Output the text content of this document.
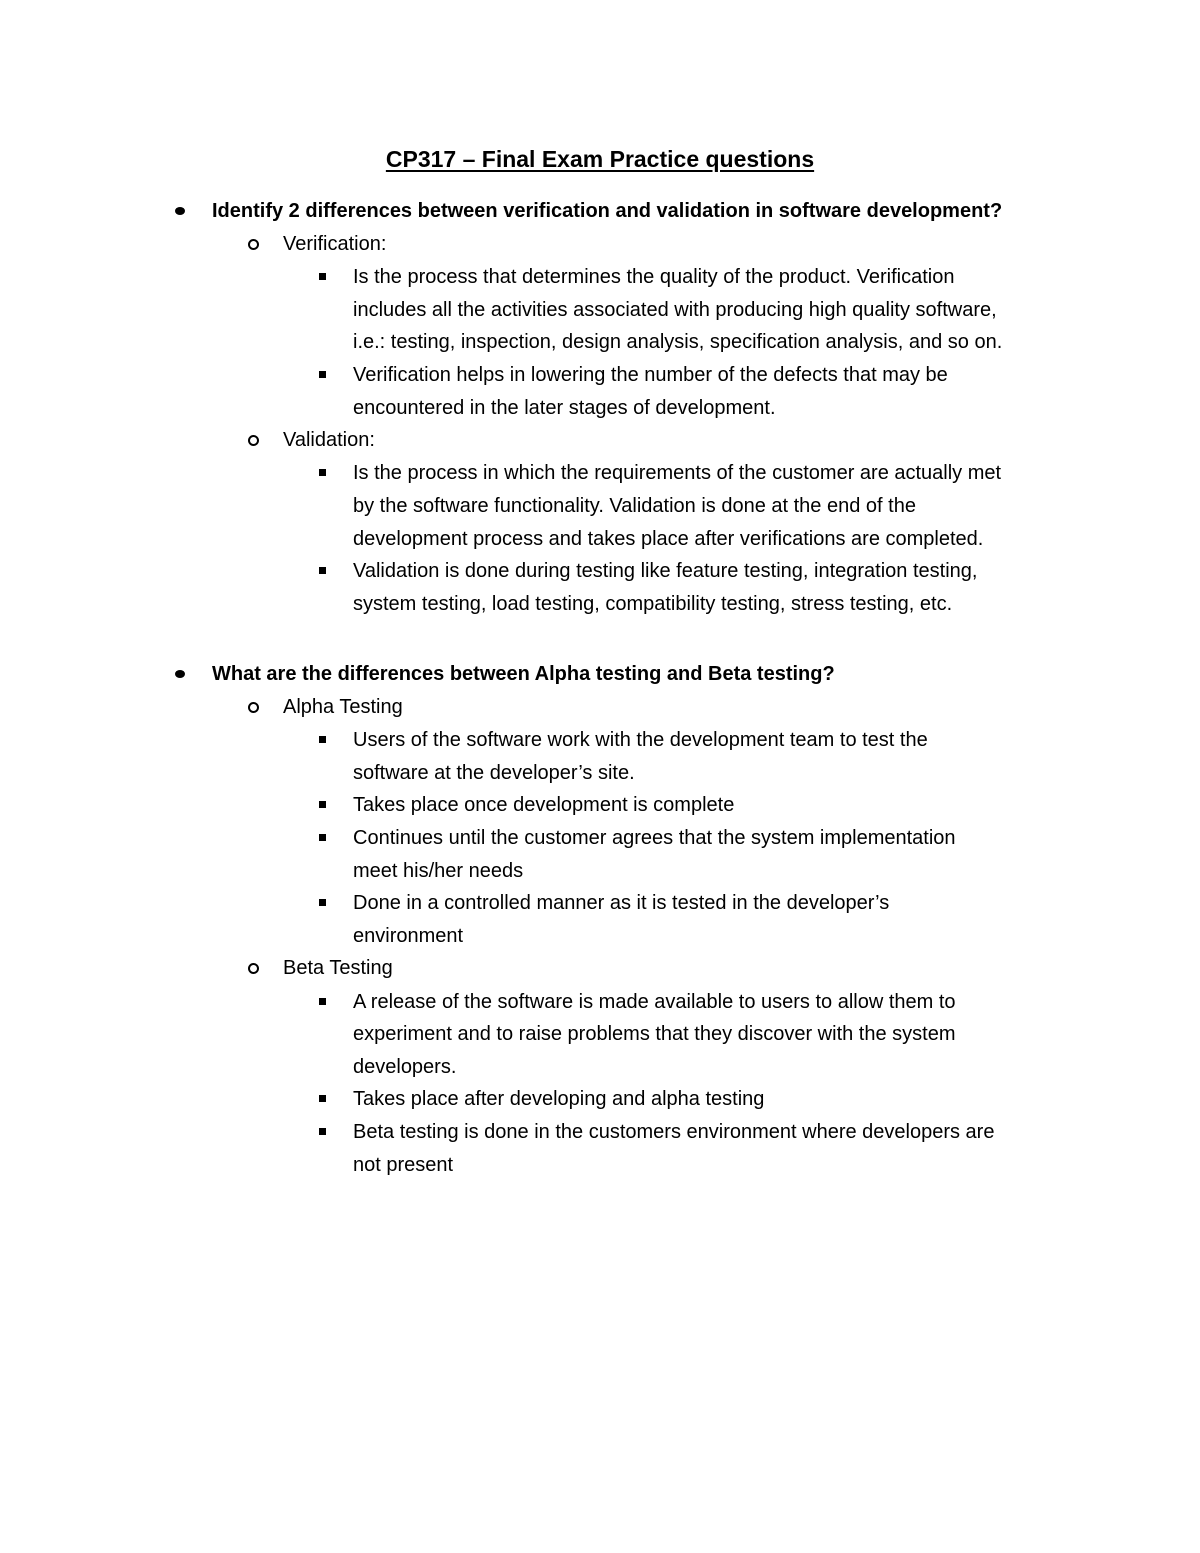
CP317 – Final Exam Practice questions
Identify 2 differences between verification and validation in software development?
Verification:
Is the process that determines the quality of the product. Verification
includes all the activities associated with producing high quality software,
i.e.: testing, inspection, design analysis, specification analysis, and so on.
Verification helps in lowering the number of the defects that may be
encountered in the later stages of development.
Validation:
Is the process in which the requirements of the customer are actually met
by the software functionality. Validation is done at the end of the
development process and takes place after verifications are completed.
Validation is done during testing like feature testing, integration testing,
system testing, load testing, compatibility testing, stress testing, etc.
What are the differences between Alpha testing and Beta testing?
Alpha Testing
Users of the software work with the development team to test the
software at the developer’s site.
Takes place once development is complete
Continues until the customer agrees that the system implementation
meet his/her needs
Done in a controlled manner as it is tested in the developer’s
environment
Beta Testing
A release of the software is made available to users to allow them to
experiment and to raise problems that they discover with the system
developers.
Takes place after developing and alpha testing
Beta testing is done in the customers environment where developers are
not present
